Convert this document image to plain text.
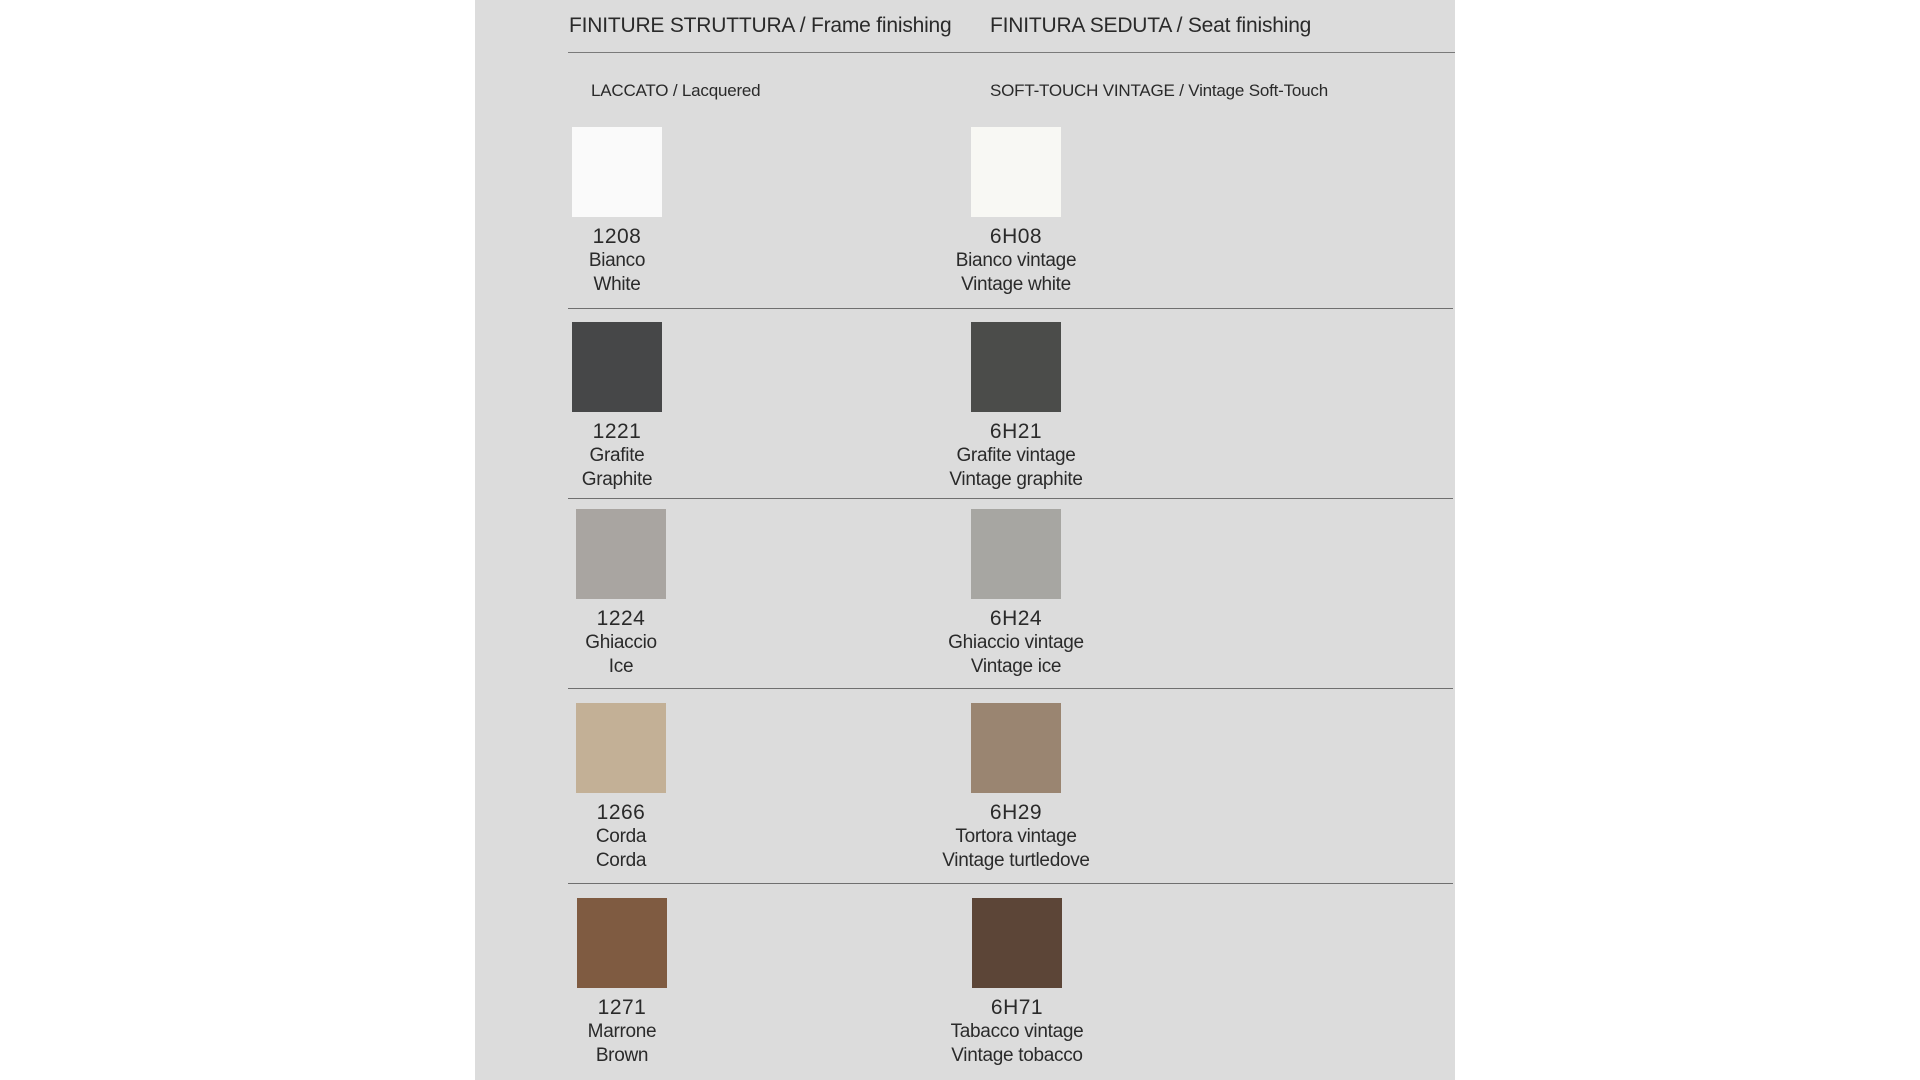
FINITURE STRUTTURA / Frame finishing FINITURA SEDUTA / Seat finishing
LACCATO / Lacquered	SOFT-TOUCH VINTAGE / Vintage Soft-Touch
1208
Bianco
White
6H08
Bianco vintage
Vintage white
1221
Grafite
Graphite
6H21
Grafite vintage
Vintage graphite
1224
Ghiaccio
Ice
6H24
Ghiaccio vintage
Vintage ice
1266
Corda
Corda
6H29
Tortora vintage
Vintage turtledove
1271
Marrone
Brown
6H71
Tabacco vintage
Vintage tobacco
